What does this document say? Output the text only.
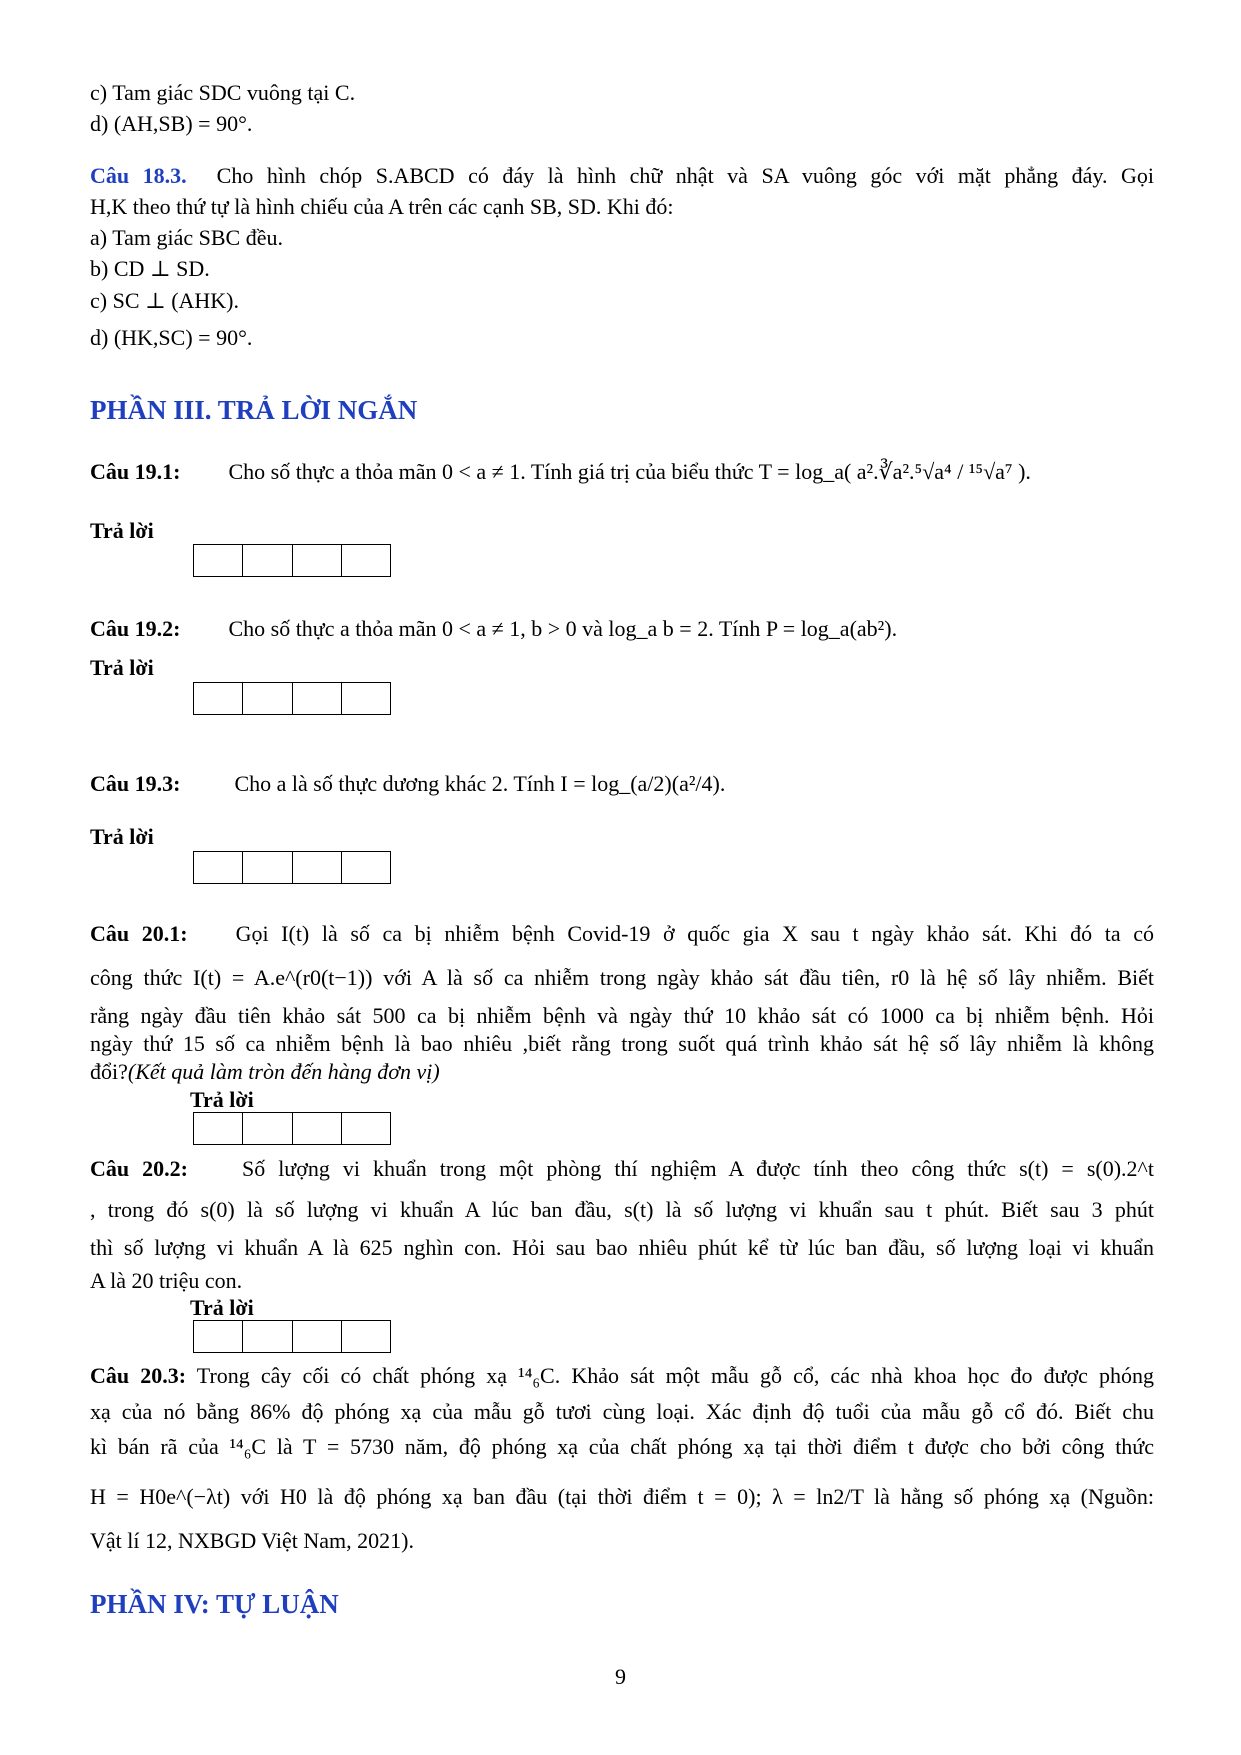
c) Tam giác SDC vuông tại C.
d) (AH,SB) = 90°.
Câu 18.3. Cho hình chóp S.ABCD có đáy là hình chữ nhật và SA vuông góc với mặt phẳng đáy. Gọi
H,K theo thứ tự là hình chiếu của A trên các cạnh SB, SD. Khi đó:
a) Tam giác SBC đều.
b) CD ⊥ SD.
c) SC ⊥ (AHK).
d) (HK,SC) = 90°.
PHẦN III. TRẢ LỜI NGẮN
Câu 19.1: Cho số thực a thỏa mãn 0 < a ≠ 1. Tính giá trị của biểu thức T = log_a( a².∛a².⁵√a⁴ / ¹⁵√a⁷ ).
Trả lời
Câu 19.2: Cho số thực a thỏa mãn 0 < a ≠ 1, b > 0 và log_a b = 2. Tính P = log_a(ab²).
Trả lời
Câu 19.3: Cho a là số thực dương khác 2. Tính I = log_(a/2)(a²/4).
Trả lời
Câu 20.1: Gọi I(t) là số ca bị nhiễm bệnh Covid-19 ở quốc gia X sau t ngày khảo sát. Khi đó ta có
công thức I(t) = A.e^(r0(t−1)) với A là số ca nhiễm trong ngày khảo sát đầu tiên, r0 là hệ số lây nhiễm. Biết
rằng ngày đầu tiên khảo sát 500 ca bị nhiễm bệnh và ngày thứ 10 khảo sát có 1000 ca bị nhiễm bệnh. Hỏi
ngày thứ 15 số ca nhiễm bệnh là bao nhiêu ,biết rằng trong suốt quá trình khảo sát hệ số lây nhiễm là không
đổi?(Kết quả làm tròn đến hàng đơn vị)
Trả lời
Câu 20.2: Số lượng vi khuẩn trong một phòng thí nghiệm A được tính theo công thức s(t) = s(0).2^t
, trong đó s(0) là số lượng vi khuẩn A lúc ban đầu, s(t) là số lượng vi khuẩn sau t phút. Biết sau 3 phút
thì số lượng vi khuẩn A là 625 nghìn con. Hỏi sau bao nhiêu phút kể từ lúc ban đầu, số lượng loại vi khuẩn
A là 20 triệu con.
Trả lời
Câu 20.3: Trong cây cối có chất phóng xạ ¹⁴₆C. Khảo sát một mẫu gỗ cổ, các nhà khoa học đo được phóng
xạ của nó bằng 86% độ phóng xạ của mẫu gỗ tươi cùng loại. Xác định độ tuổi của mẫu gỗ cổ đó. Biết chu
kì bán rã của ¹⁴₆C là T = 5730 năm, độ phóng xạ của chất phóng xạ tại thời điểm t được cho bởi công thức
H = H0e^(−λt) với H0 là độ phóng xạ ban đầu (tại thời điểm t = 0); λ = ln2/T là hằng số phóng xạ (Nguồn:
Vật lí 12, NXBGD Việt Nam, 2021).
PHẦN IV: TỰ LUẬN
9
